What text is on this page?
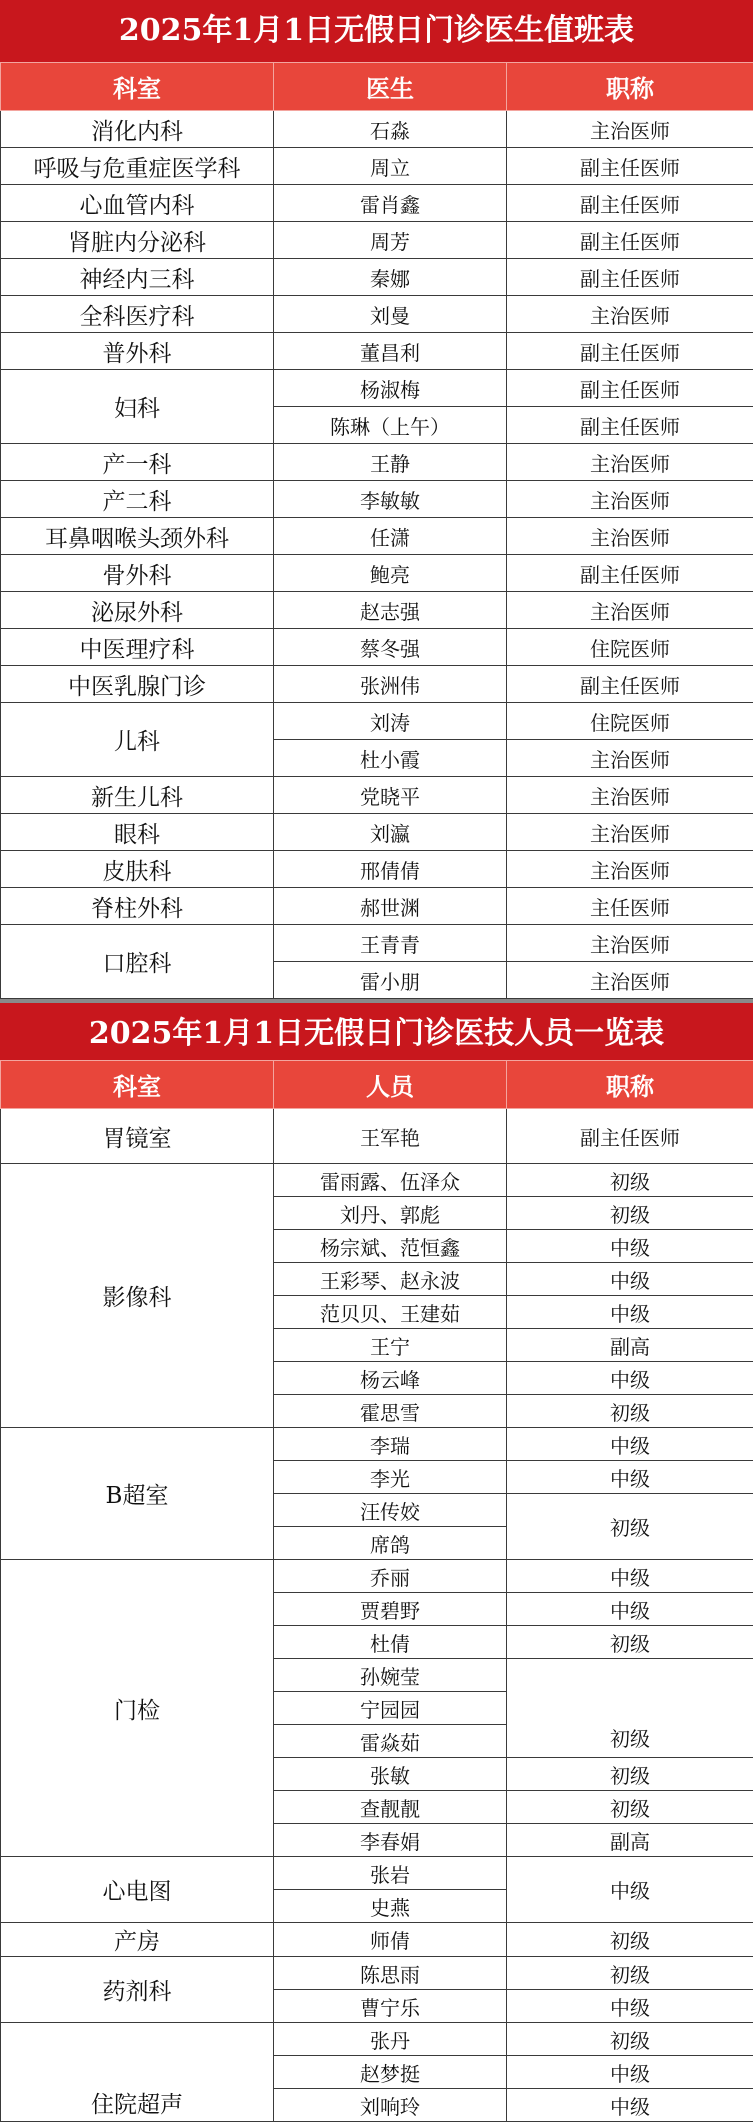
2025年1月1日无假日门诊医生值班表
科室	医生	职称
消化内科	石淼	主治医师
呼吸与危重症医学科	周立	副主任医师
心血管内科	雷肖鑫	副主任医师
肾脏内分泌科	周芳	副主任医师
神经内三科	秦娜	副主任医师
全科医疗科	刘曼	主治医师
普外科	董昌利	副主任医师
妇科	杨淑梅	副主任医师
	陈琳（上午）	副主任医师
产一科	王静	主治医师
产二科	李敏敏	主治医师
耳鼻咽喉头颈外科	任潇	主治医师
骨外科	鲍亮	副主任医师
泌尿外科	赵志强	主治医师
中医理疗科	蔡冬强	住院医师
中医乳腺门诊	张洲伟	副主任医师
儿科	刘涛	住院医师
	杜小霞	主治医师
新生儿科	党晓平	主治医师
眼科	刘瀛	主治医师
皮肤科	邢倩倩	主治医师
脊柱外科	郝世渊	主任医师
口腔科	王青青	主治医师
	雷小朋	主治医师
2025年1月1日无假日门诊医技人员一览表
科室	人员	职称
胃镜室	王军艳	副主任医师
影像科	雷雨露、伍泽众	初级
	刘丹、郭彪	初级
	杨宗斌、范恒鑫	中级
	王彩琴、赵永波	中级
	范贝贝、王建茹	中级
	王宁	副高
	杨云峰	中级
	霍思雪	初级
B超室	李瑞	中级
	李光	中级
	汪传姣	初级
	席鸽	
门检	乔丽	中级
	贾碧野	中级
	杜倩	初级
	孙婉莹	初级
	宁园园	
	雷焱茹	
	张敏	初级
	查靓靓	初级
	李春娟	副高
心电图	张岩	中级
	史燕	
产房	师倩	初级
药剂科	陈思雨	初级
	曹宁乐	中级
住院超声	张丹	初级
	赵梦挺	中级
	刘响玲	中级
